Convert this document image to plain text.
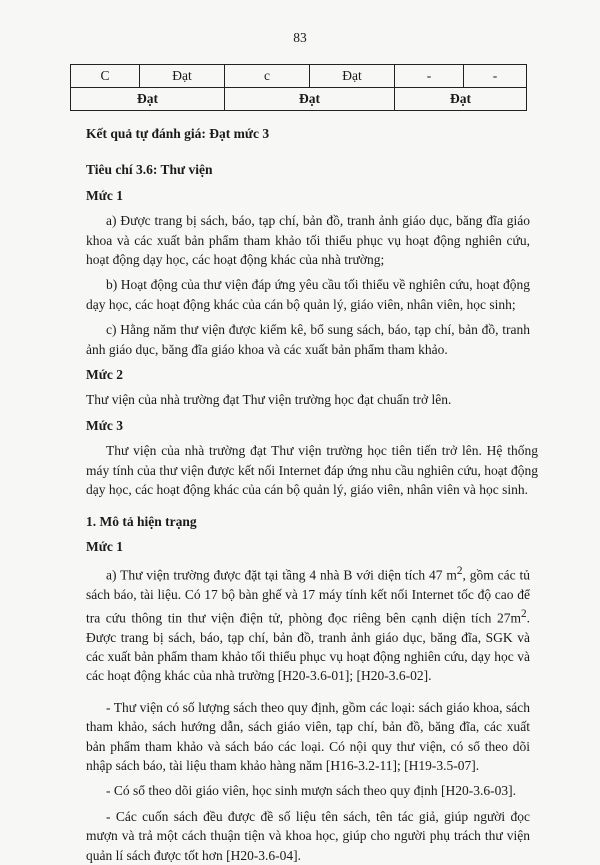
83
C	Đạt	c	Đạt	-	-
Đạt		Đạt		Đạt	

Kết quả tự đánh giá: Đạt mức 3

Tiêu chí 3.6: Thư viện

Mức 1

a) Được trang bị sách, báo, tạp chí, bản đồ, tranh ảnh giáo dục, băng đĩa giáo khoa và các xuất bản phẩm tham khảo tối thiểu phục vụ hoạt động nghiên cứu, hoạt động dạy học, các hoạt động khác của nhà trường;

b) Hoạt động của thư viện đáp ứng yêu cầu tối thiểu về nghiên cứu, hoạt động dạy học, các hoạt động khác của cán bộ quản lý, giáo viên, nhân viên, học sinh;

c) Hằng năm thư viện được kiểm kê, bổ sung sách, báo, tạp chí, bản đồ, tranh ảnh giáo dục, băng đĩa giáo khoa và các xuất bản phẩm tham khảo.

Mức 2

Thư viện của nhà trường đạt Thư viện trường học đạt chuẩn trở lên.

Mức 3

Thư viện của nhà trường đạt Thư viện trường học tiên tiến trở lên. Hệ thống máy tính của thư viện được kết nối Internet đáp ứng nhu cầu nghiên cứu, hoạt động dạy học, các hoạt động khác của cán bộ quản lý, giáo viên, nhân viên và học sinh.

1. Mô tả hiện trạng

Mức 1

a) Thư viện trường được đặt tại tầng 4 nhà B với diện tích 47 $m^2$, gồm các tủ sách báo, tài liệu. Có 17 bộ bàn ghế và 17 máy tính kết nối Internet tốc độ cao để tra cứu thông tin thư viện điện tử, phòng đọc riêng bên cạnh diện tích $27m^2$. Được trang bị sách, báo, tạp chí, bản đồ, tranh ảnh giáo dục, băng đĩa, SGK và các xuất bản phẩm tham khảo tối thiểu phục vụ hoạt động nghiên cứu, dạy học và các hoạt động khác của nhà trường [H20-3.6-01]; [H20-3.6-02].

- Thư viện có số lượng sách theo quy định, gồm các loại: sách giáo khoa, sách tham khảo, sách hướng dẫn, sách giáo viên, tạp chí, bản đồ, băng đĩa, các xuất bản phẩm tham khảo và sách báo các loại. Có nội quy thư viện, có sổ theo dõi nhập sách báo, tài liệu tham khảo hàng năm [H16-3.2-11]; [H19-3.5-07].

- Có sổ theo dõi giáo viên, học sinh mượn sách theo quy định [H20-3.6-03].

- Các cuốn sách đều được đề số liệu tên sách, tên tác giả, giúp người đọc mượn và trả một cách thuận tiện và khoa học, giúp cho người phụ trách thư viện quản lí sách được tốt hơn [H20-3.6-04].
